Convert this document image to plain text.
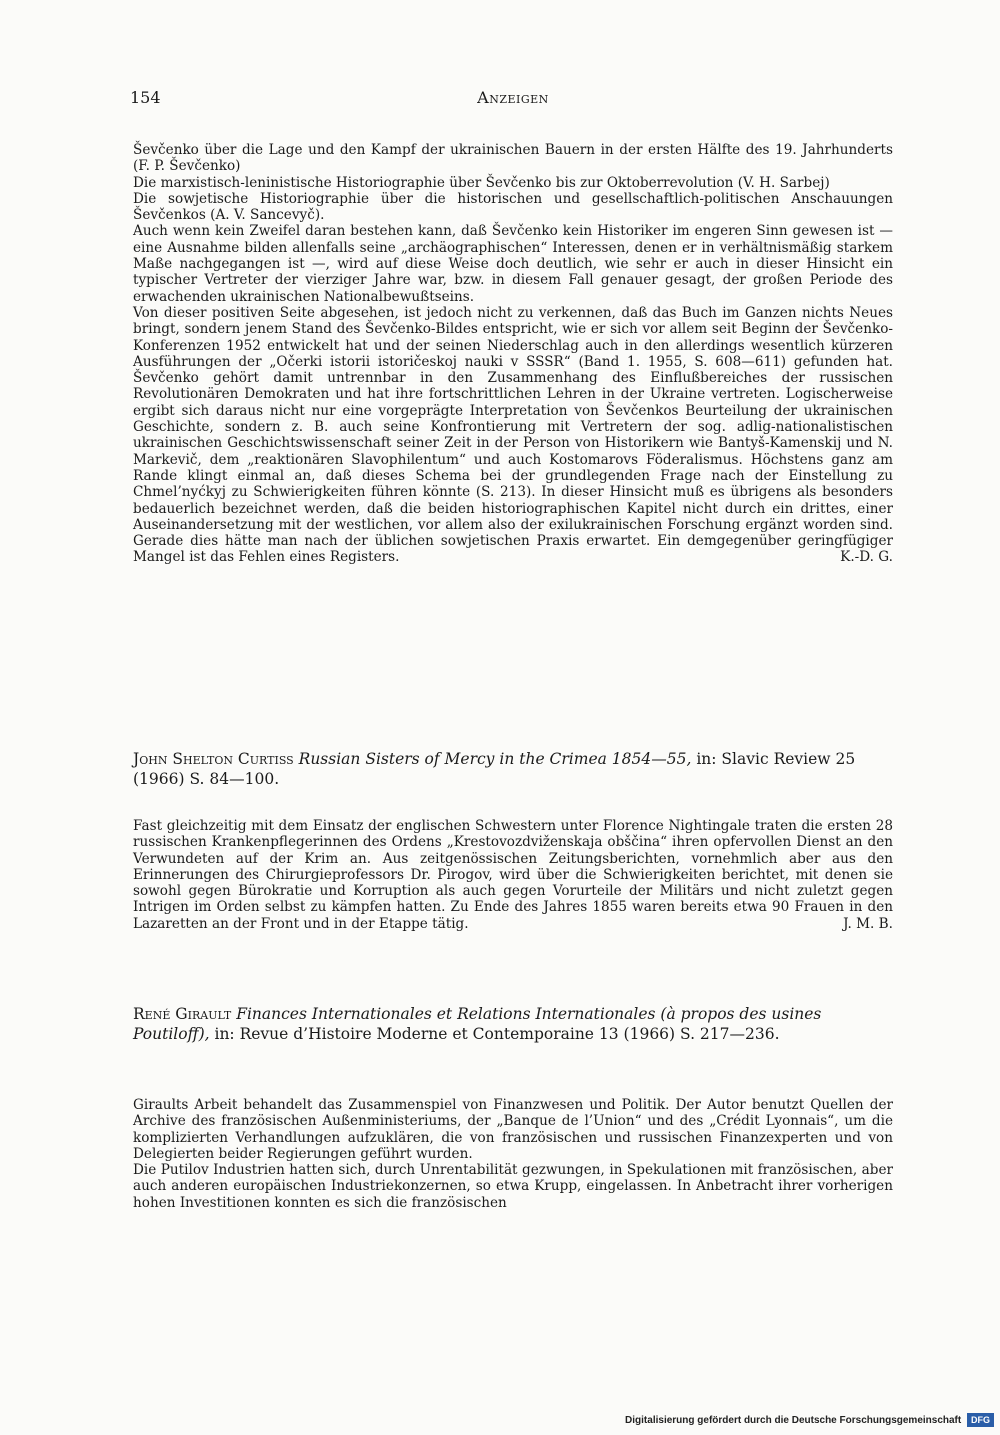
154	Anzeigen

Ševčenko über die Lage und den Kampf der ukrainischen Bauern in der ersten Hälfte des 19. Jahrhunderts (F. P. Ševčenko)

Die marxistisch-leninistische Historiographie über Ševčenko bis zur Oktoberrevolution (V. H. Sarbej)

Die sowjetische Historiographie über die historischen und gesellschaftlich-politischen Anschauungen Ševčenkos (A. V. Sancevyč).

Auch wenn kein Zweifel daran bestehen kann, daß Ševčenko kein Historiker im engeren Sinn gewesen ist — eine Ausnahme bilden allenfalls seine „archäographischen“ Interessen, denen er in verhältnismäßig starkem Maße nachgegangen ist —, wird auf diese Weise doch deutlich, wie sehr er auch in dieser Hinsicht ein typischer Vertreter der vierziger Jahre war, bzw. in diesem Fall genauer gesagt, der großen Periode des erwachenden ukrainischen Nationalbewußtseins.

Von dieser positiven Seite abgesehen, ist jedoch nicht zu verkennen, daß das Buch im Ganzen nichts Neues bringt, sondern jenem Stand des Ševčenko-Bildes entspricht, wie er sich vor allem seit Beginn der Ševčenko-Konferenzen 1952 entwickelt hat und der seinen Niederschlag auch in den allerdings wesentlich kürzeren Ausführungen der „Očerki istorii istoričeskoj nauki v SSSR“ (Band 1. 1955, S. 608—611) gefunden hat. Ševčenko gehört damit untrennbar in den Zusammenhang des Einflußbereiches der russischen Revolutionären Demokraten und hat ihre fortschrittlichen Lehren in der Ukraine vertreten. Logischerweise ergibt sich daraus nicht nur eine vorgeprägte Interpretation von Ševčenkos Beurteilung der ukrainischen Geschichte, sondern z. B. auch seine Konfrontierung mit Vertretern der sog. adlig-nationalistischen ukrainischen Geschichtswissenschaft seiner Zeit in der Person von Historikern wie Bantyš-Kamenskij und N. Markevič, dem „reaktionären Slavophilentum“ und auch Kostomarovs Föderalismus. Höchstens ganz am Rande klingt einmal an, daß dieses Schema bei der grundlegenden Frage nach der Einstellung zu Chmel’nyćkyj zu Schwierigkeiten führen könnte (S. 213). In dieser Hinsicht muß es übrigens als besonders bedauerlich bezeichnet werden, daß die beiden historiographischen Kapitel nicht durch ein drittes, einer Auseinandersetzung mit der westlichen, vor allem also der exilukrainischen Forschung ergänzt worden sind. Gerade dies hätte man nach der üblichen sowjetischen Praxis erwartet. Ein demgegenüber geringfügiger Mangel ist das Fehlen eines Registers.	K.-D. G.

John Shelton Curtiss Russian Sisters of Mercy in the Crimea 1854—55, in: Slavic Review 25 (1966) S. 84—100.

Fast gleichzeitig mit dem Einsatz der englischen Schwestern unter Florence Nightingale traten die ersten 28 russischen Krankenpflegerinnen des Ordens „Krestovozdviženskaja obščina“ ihren opfervollen Dienst an den Verwundeten auf der Krim an. Aus zeitgenössischen Zeitungsberichten, vornehmlich aber aus den Erinnerungen des Chirurgieprofessors Dr. Pirogov, wird über die Schwierigkeiten berichtet, mit denen sie sowohl gegen Bürokratie und Korruption als auch gegen Vorurteile der Militärs und nicht zuletzt gegen Intrigen im Orden selbst zu kämpfen hatten. Zu Ende des Jahres 1855 waren bereits etwa 90 Frauen in den Lazaretten an der Front und in der Etappe tätig.	J. M. B.

René Girault Finances Internationales et Relations Internationales (à propos des usines Poutiloff), in: Revue d’Histoire Moderne et Contemporaine 13 (1966) S. 217—236.

Giraults Arbeit behandelt das Zusammenspiel von Finanzwesen und Politik. Der Autor benutzt Quellen der Archive des französischen Außenministeriums, der „Banque de l’Union“ und des „Crédit Lyonnais“, um die komplizierten Verhandlungen aufzuklären, die von französischen und russischen Finanzexperten und von Delegierten beider Regierungen geführt wurden.

Die Putilov Industrien hatten sich, durch Unrentabilität gezwungen, in Spekulationen mit französischen, aber auch anderen europäischen Industriekonzernen, so etwa Krupp, eingelassen. In Anbetracht ihrer vorherigen hohen Investitionen konnten es sich die französischen

Digitalisierung gefördert durch die Deutsche Forschungsgemeinschaft DFG
